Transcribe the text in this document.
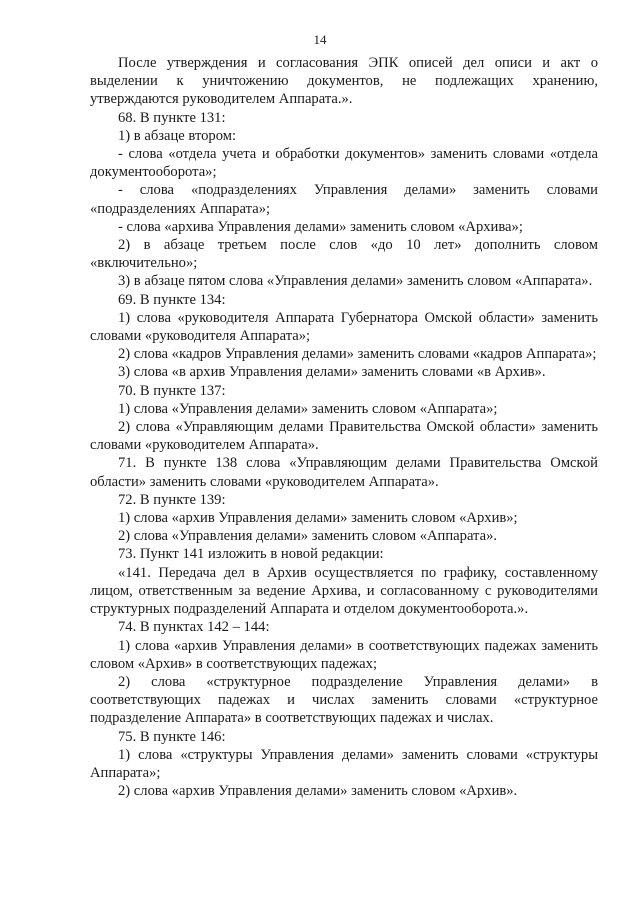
14

После утверждения и согласования ЭПК описей дел описи и акт о выделении к уничтожению документов, не подлежащих хранению, утверждаются руководителем Аппарата.».

68. В пункте 131:

1) в абзаце втором:

- слова «отдела учета и обработки документов» заменить словами «отдела документооборота»;

- слова «подразделениях Управления делами» заменить словами «подразделениях Аппарата»;

- слова «архива Управления делами» заменить словом «Архива»;

2) в абзаце третьем после слов «до 10 лет» дополнить словом «включительно»;

3) в абзаце пятом слова «Управления делами» заменить словом «Аппарата».

69. В пункте 134:

1) слова «руководителя Аппарата Губернатора Омской области» заменить словами «руководителя Аппарата»;

2) слова «кадров Управления делами» заменить словами «кадров Аппарата»;

3) слова «в архив Управления делами» заменить словами «в Архив».

70. В пункте 137:

1) слова «Управления делами» заменить словом «Аппарата»;

2) слова «Управляющим делами Правительства Омской области» заменить словами «руководителем Аппарата».

71. В пункте 138 слова «Управляющим делами Правительства Омской области» заменить словами «руководителем Аппарата».

72. В пункте 139:

1) слова «архив Управления делами» заменить словом «Архив»;

2) слова «Управления делами» заменить словом «Аппарата».

73. Пункт 141 изложить в новой редакции:

«141. Передача дел в Архив осуществляется по графику, составленному лицом, ответственным за ведение Архива, и согласованному с руководителями структурных подразделений Аппарата и отделом документооборота.».

74. В пунктах 142 – 144:

1) слова «архив Управления делами» в соответствующих падежах заменить словом «Архив» в соответствующих падежах;

2) слова «структурное подразделение Управления делами» в соответствующих падежах и числах заменить словами «структурное подразделение Аппарата» в соответствующих падежах и числах.

75. В пункте 146:

1) слова «структуры Управления делами» заменить словами «структуры Аппарата»;

2) слова «архив Управления делами» заменить словом «Архив».
